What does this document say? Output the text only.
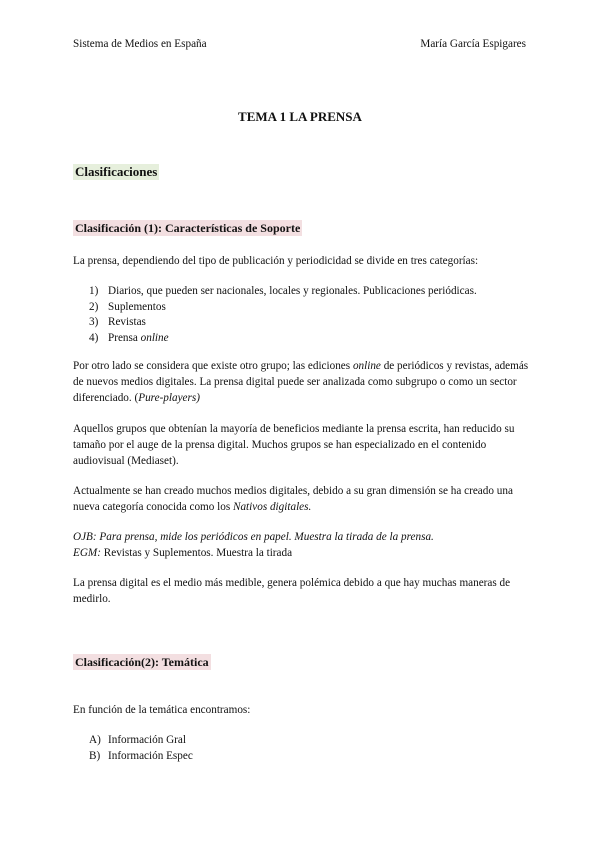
Sistema de Medios en España	María García Espigares
TEMA 1 LA PRENSA
Clasificaciones
Clasificación (1): Características de Soporte

La prensa, dependiendo del tipo de publicación y periodicidad se divide en tres categorías:

1) Diarios, que pueden ser nacionales, locales y regionales. Publicaciones periódicas.
2) Suplementos
3) Revistas
4) Prensa online

Por otro lado se considera que existe otro grupo; las ediciones online de periódicos y revistas, además de nuevos medios digitales. La prensa digital puede ser analizada como subgrupo o como un sector diferenciado. (Pure-players)

Aquellos grupos que obtenían la mayoría de beneficios mediante la prensa escrita, han reducido su tamaño por el auge de la prensa digital. Muchos grupos se han especializado en el contenido audiovisual (Mediaset).

Actualmente se han creado muchos medios digitales, debido a su gran dimensión se ha creado una nueva categoría conocida como los Nativos digitales.

OJB: Para prensa, mide los periódicos en papel. Muestra la tirada de la prensa.

EGM: Revistas y Suplementos. Muestra la tirada

La prensa digital es el medio más medible, genera polémica debido a que hay muchas maneras de medirlo.

Clasificación(2): Temática

En función de la temática encontramos:

A) Información Gral
B) Información Espec
